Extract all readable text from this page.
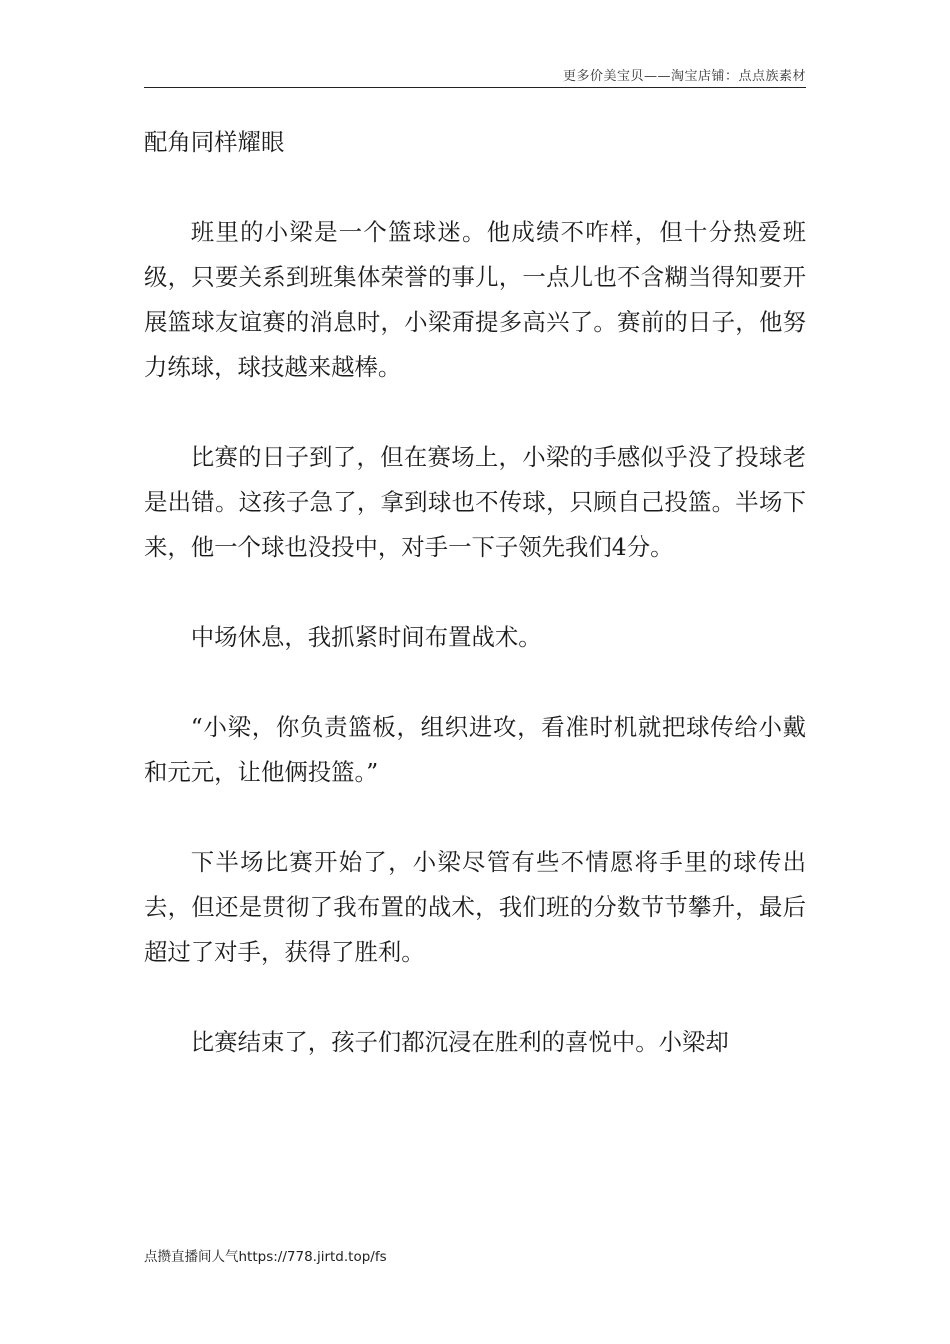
更多价美宝贝——淘宝店铺：点点族素材

配角同样耀眼

班里的小梁是一个篮球迷。他成绩不咋样，但十分热爱班级，只要关系到班集体荣誉的事儿，一点儿也不含糊当得知要开展篮球友谊赛的消息时，小梁甭提多高兴了。赛前的日子，他努力练球，球技越来越棒。

比赛的日子到了，但在赛场上，小梁的手感似乎没了投球老是出错。这孩子急了，拿到球也不传球，只顾自己投篮。半场下来，他一个球也没投中，对手一下子领先我们4分。

中场休息，我抓紧时间布置战术。

“小梁，你负责篮板，组织进攻，看准时机就把球传给小戴和元元，让他俩投篮。”

下半场比赛开始了，小梁尽管有些不情愿将手里的球传出去，但还是贯彻了我布置的战术，我们班的分数节节攀升，最后超过了对手，获得了胜利。

比赛结束了，孩子们都沉浸在胜利的喜悦中。小梁却

点攒直播间人气https://778.jirtd.top/fs
